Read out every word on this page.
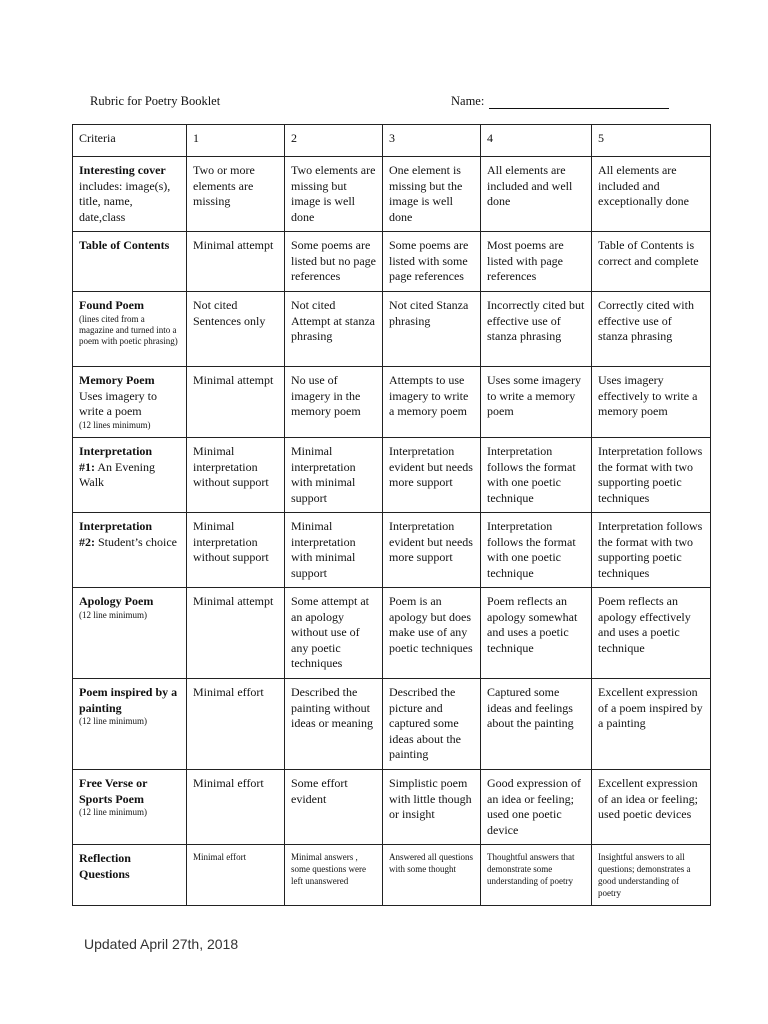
Rubric for Poetry Booklet	Name:
Criteria	1	2	3	4	5
Interesting cover
includes: image(s), title, name, date,class	Two or more elements are missing	Two elements are missing but image is well done	One element is missing but the image is well done	All elements are included and well done	All elements are included and exceptionally done
Table of Contents	Minimal attempt	Some poems are listed but no page references	Some poems are listed with some page references	Most poems are listed with page references	Table of Contents is correct and complete
Found Poem
(lines cited from a magazine and turned into a poem with poetic phrasing)	Not cited Sentences only	Not cited Attempt at stanza phrasing	Not cited Stanza phrasing	Incorrectly cited but effective use of stanza phrasing	Correctly cited with effective use of stanza phrasing
Memory Poem
Uses imagery to write a poem
(12 lines minimum)	Minimal attempt	No use of imagery in the memory poem	Attempts to use imagery to write a memory poem	Uses some imagery to write a memory poem	Uses imagery effectively to write a memory poem
Interpretation
#1: An Evening Walk	Minimal interpretation without support	Minimal interpretation with minimal support	Interpretation evident but needs more support	Interpretation follows the format with one poetic technique	Interpretation follows the format with two supporting poetic techniques
Interpretation
#2: Student’s choice	Minimal interpretation without support	Minimal interpretation with minimal support	Interpretation evident but needs more support	Interpretation follows the format with one poetic technique	Interpretation follows the format with two supporting poetic techniques
Apology Poem
(12 line minimum)	Minimal attempt	Some attempt at an apology without use of any poetic techniques	Poem is an apology but does make use of any poetic techniques	Poem reflects an apology somewhat and uses a poetic technique	Poem reflects an apology effectively and uses a poetic technique
Poem inspired by a painting
(12 line minimum)	Minimal effort	Described the painting without ideas or meaning	Described the picture and captured some ideas about the painting	Captured some ideas and feelings about the painting	Excellent expression of a poem inspired by a painting
Free Verse or Sports Poem
(12 line minimum)	Minimal effort	Some effort evident	Simplistic poem with little though or insight	Good expression of an idea or feeling; used one poetic device	Excellent expression of an idea or feeling; used poetic devices
Reflection Questions	Minimal effort	Minimal answers , some questions were left unanswered	Answered all questions with some thought	Thoughtful answers that demonstrate some understanding of poetry	Insightful answers to all questions; demonstrates a good understanding of poetry
Updated April 27th, 2018
